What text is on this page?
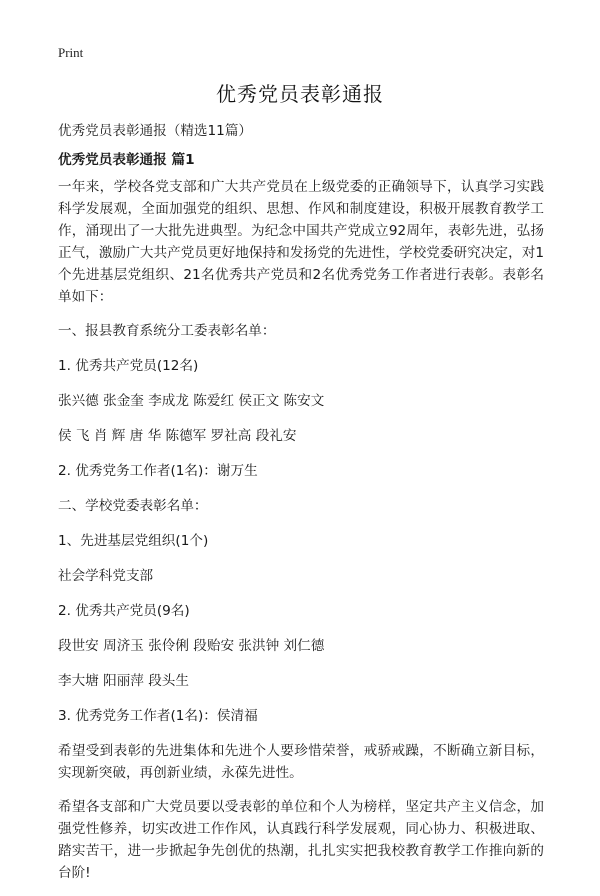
Print
优秀党员表彰通报

优秀党员表彰通报（精选11篇）

优秀党员表彰通报 篇1

一年来，学校各党支部和广大共产党员在上级党委的正确领导下，认真学习实践科学发展观，全面加强党的组织、思想、作风和制度建设，积极开展教育教学工作，涌现出了一大批先进典型。为纪念中国共产党成立92周年，表彰先进，弘扬正气，激励广大共产党员更好地保持和发扬党的先进性，学校党委研究决定，对1个先进基层党组织、21名优秀共产党员和2名优秀党务工作者进行表彰。表彰名单如下：

一、报县教育系统分工委表彰名单：

1. 优秀共产党员(12名)

张兴德 张金奎 李成龙 陈爱红 侯正文 陈安文

侯 飞 肖 辉 唐 华 陈德军 罗社高 段礼安

2. 优秀党务工作者(1名)：谢万生

二、学校党委表彰名单：

1、先进基层党组织(1个)

社会学科党支部

2. 优秀共产党员(9名)

段世安 周济玉 张伶俐 段贻安 张洪钟 刘仁德

李大塘 阳丽萍 段头生

3. 优秀党务工作者(1名)：侯清福

希望受到表彰的先进集体和先进个人要珍惜荣誉，戒骄戒躁，不断确立新目标，实现新突破，再创新业绩，永葆先进性。

希望各支部和广大党员要以受表彰的单位和个人为榜样，坚定共产主义信念，加强党性修养，切实改进工作作风，认真践行科学发展观，同心协力、积极进取、踏实苦干，进一步掀起争先创优的热潮，扎扎实实把我校教育教学工作推向新的台阶!
